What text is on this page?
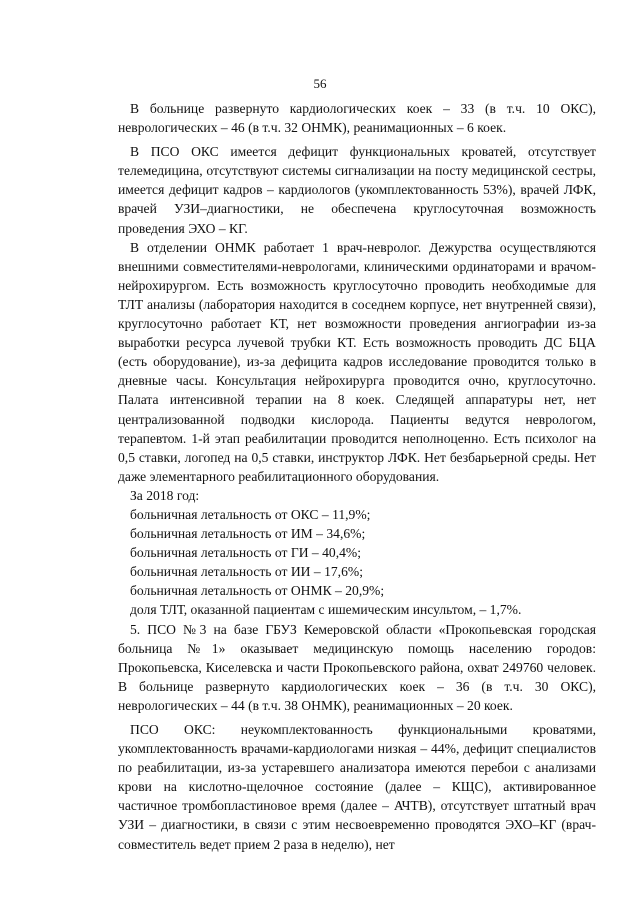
56

В больнице развернуто кардиологических коек – 33 (в т.ч. 10 ОКС), неврологических – 46 (в т.ч. 32 ОНМК), реанимационных – 6 коек.

В ПСО ОКС имеется дефицит функциональных кроватей, отсутствует телемедицина, отсутствуют системы сигнализации на посту медицинской сестры, имеется дефицит кадров – кардиологов (укомплектованность 53%), врачей ЛФК, врачей УЗИ–диагностики, не обеспечена круглосуточная возможность проведения ЭХО – КГ.

В отделении ОНМК работает 1 врач-невролог. Дежурства осуществляются внешними совместителями-неврологами, клиническими ординаторами и врачом-нейрохирургом. Есть возможность круглосуточно проводить необходимые для ТЛТ анализы (лаборатория находится в соседнем корпусе, нет внутренней связи), круглосуточно работает КТ, нет возможности проведения ангиографии из-за выработки ресурса лучевой трубки КТ. Есть возможность проводить ДС БЦА (есть оборудование), из-за дефицита кадров исследование проводится только в дневные часы. Консультация нейрохирурга проводится очно, круглосуточно. Палата интенсивной терапии на 8 коек. Следящей аппаратуры нет, нет централизованной подводки кислорода. Пациенты ведутся неврологом, терапевтом. 1-й этап реабилитации проводится неполноценно. Есть психолог на 0,5 ставки, логопед на 0,5 ставки, инструктор ЛФК. Нет безбарьерной среды. Нет даже элементарного реабилитационного оборудования.

За 2018 год:

больничная летальность от ОКС – 11,9%;

больничная летальность от ИМ – 34,6%;

больничная летальность от ГИ – 40,4%;

больничная летальность от ИИ – 17,6%;

больничная летальность от ОНМК – 20,9%;

доля ТЛТ, оказанной пациентам с ишемическим инсультом, – 1,7%.

5. ПСО №3 на базе ГБУЗ Кемеровской области «Прокопьевская городская больница №1» оказывает медицинскую помощь населению городов: Прокопьевска, Киселевска и части Прокопьевского района, охват 249760 человек. В больнице развернуто кардиологических коек – 36 (в т.ч. 30 ОКС), неврологических – 44 (в т.ч. 38 ОНМК), реанимационных – 20 коек.

ПСО ОКС: неукомплектованность функциональными кроватями, укомплектованность врачами-кардиологами низкая – 44%, дефицит специалистов по реабилитации, из-за устаревшего анализатора имеются перебои с анализами крови на кислотно-щелочное состояние (далее – КЩС), активированное частичное тромбопластиновое время (далее – АЧТВ), отсутствует штатный врач УЗИ – диагностики, в связи с этим несвоевременно проводятся ЭХО–КГ (врач-совместитель ведет прием 2 раза в неделю), нет
